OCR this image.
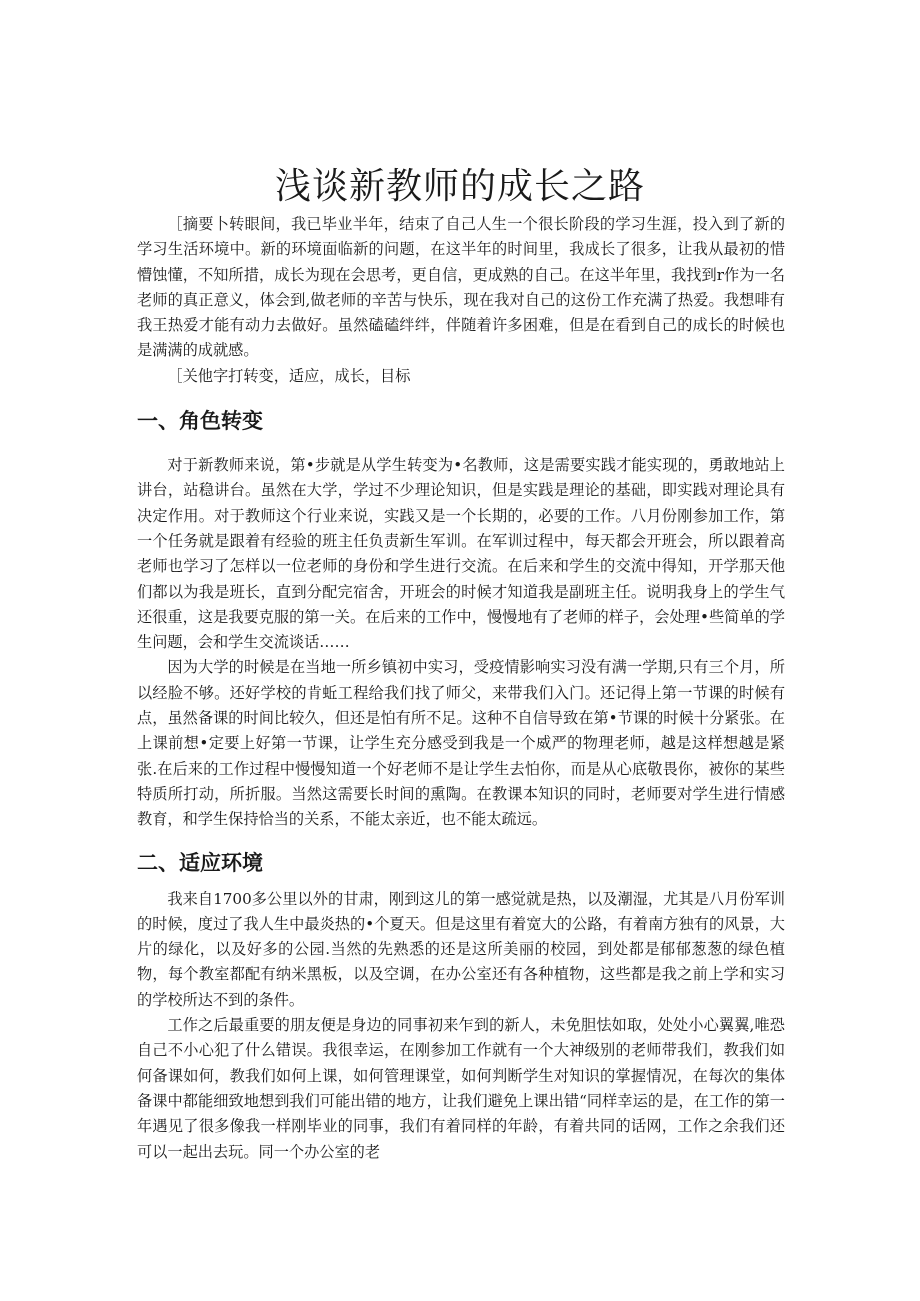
浅谈新教师的成长之路

［摘要卜转眼间，我已毕业半年，结束了自己人生一个很长阶段的学习生涯，投入到了新的学习生活环境中。新的环境面临新的问题，在这半年的时间里，我成长了很多，让我从最初的惜懵蚀懂，不知所措，成长为现在会思考，更自信，更成熟的自己。在这半年里，我找到r作为一名老师的真正意义，体会到,做老师的辛苦与快乐，现在我对自己的这份工作充满了热爱。我想啡有我王热爱才能有动力去做好。虽然磕磕绊绊，伴随着许多困难，但是在看到自己的成长的时候也是满满的成就感。

［关他字打转变，适应，成长，目标

一、角色转变

对于新教师来说，第•步就是从学生转变为•名教师，这是需要实践才能实现的，勇敢地站上讲台，站稳讲台。虽然在大学，学过不少理论知识，但是实践是理论的基础，即实践对理论具有决定作用。对于教师这个行业来说，实践又是一个长期的，必要的工作。八月份刚参加工作，第一个任务就是跟着有经验的班主任负责新生军训。在军训过程中，每天都会开班会，所以跟着高老师也学习了怎样以一位老师的身份和学生进行交流。在后来和学生的交流中得知，开学那天他们都以为我是班长，直到分配完宿舍，开班会的时候才知道我是副班主任。说明我身上的学生气还很重，这是我要克服的第一关。在后来的工作中，慢慢地有了老师的样子，会处理•些简单的学生问题，会和学生交流谈话……

因为大学的时候是在当地一所乡镇初中实习，受疫情影响实习没有满一学期,只有三个月，所以经脸不够。还好学校的肯蚯工程给我们找了师父，来带我们入门。还记得上第一节课的时候有点，虽然备课的时间比较久，但还是怕有所不足。这种不自信导致在第•节课的时候十分紧张。在上课前想•定要上好第一节课，让学生充分感受到我是一个威严的物理老师，越是这样想越是紧张.在后来的工作过程中慢慢知道一个好老师不是让学生去怕你，而是从心底敬畏你，被你的某些特质所打动，所折服。当然这需要长时间的熏陶。在教课本知识的同时，老师要对学生进行情感教育，和学生保持恰当的关系，不能太亲近，也不能太疏远。

二、适应环境

我来自1700多公里以外的甘肃，刚到这儿的第一感觉就是热，以及潮湿，尤其是八月份军训的时候，度过了我人生中最炎热的•个夏天。但是这里有着宽大的公路，有着南方独有的风景，大片的绿化，以及好多的公园.当然的先熟悉的还是这所美丽的校园，到处都是郁郁葱葱的绿色植物，每个教室都配有纳米黑板，以及空调，在办公室还有各种植物，这些都是我之前上学和实习的学校所达不到的条件。

工作之后最重要的朋友便是身边的同事初来乍到的新人，未免胆怯如取，处处小心翼翼,唯恐自己不小心犯了什么错误。我很幸运，在刚参加工作就有一个大神级别的老师带我们，教我们如何备课如何，教我们如何上课，如何管理课堂，如何判断学生对知识的掌握情况，在每次的集体备课中都能细致地想到我们可能出错的地方，让我们避免上课出错“同样幸运的是，在工作的第一年遇见了很多像我一样刚毕业的同事，我们有着同样的年龄，有着共同的话网，工作之余我们还可以一起出去玩。同一个办公室的老
